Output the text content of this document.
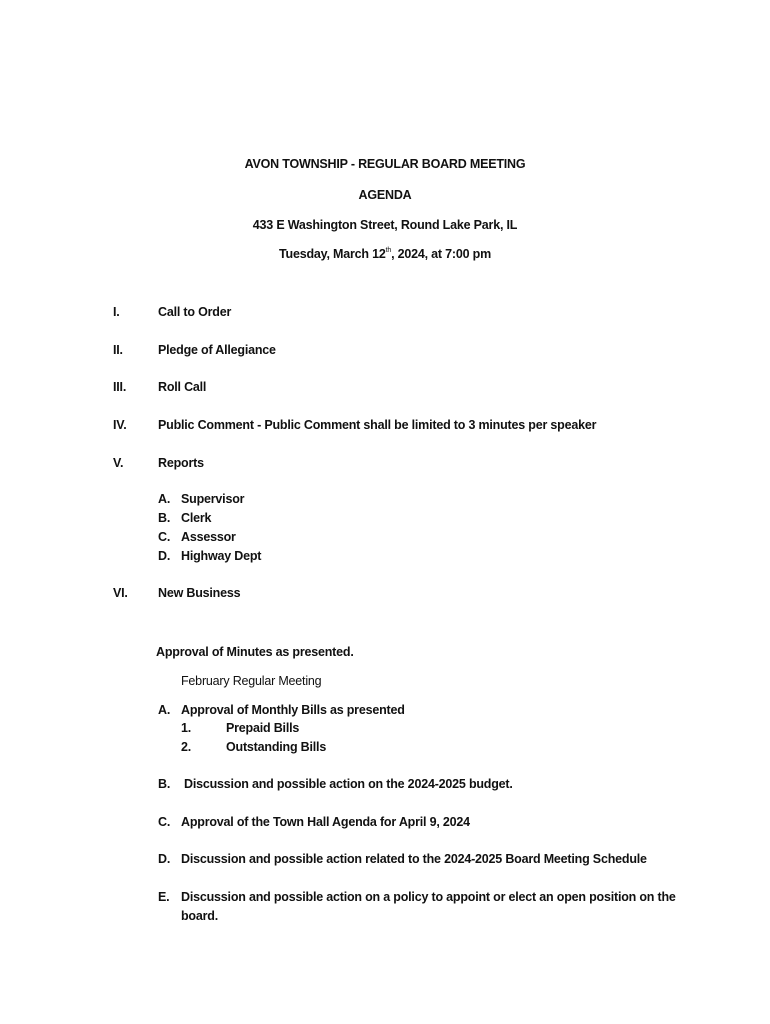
AVON TOWNSHIP - REGULAR BOARD MEETING
AGENDA
433 E Washington Street, Round Lake Park, IL
Tuesday, March 12th, 2024, at 7:00 pm
I.	Call to Order
II.	Pledge of Allegiance
III.	Roll Call
IV.	Public Comment - Public Comment shall be limited to 3 minutes per speaker
V.	Reports
A. Supervisor
B. Clerk
C. Assessor
D. Highway Dept
VI. New Business
Approval of Minutes as presented.
February Regular Meeting
A. Approval of Monthly Bills as presented
1.	Prepaid Bills
2.	Outstanding Bills
B. Discussion and possible action on the 2024-2025 budget.
C. Approval of the Town Hall Agenda for April 9, 2024
D. Discussion and possible action related to the 2024-2025 Board Meeting Schedule
E. Discussion and possible action on a policy to appoint or elect an open position on the
board.
